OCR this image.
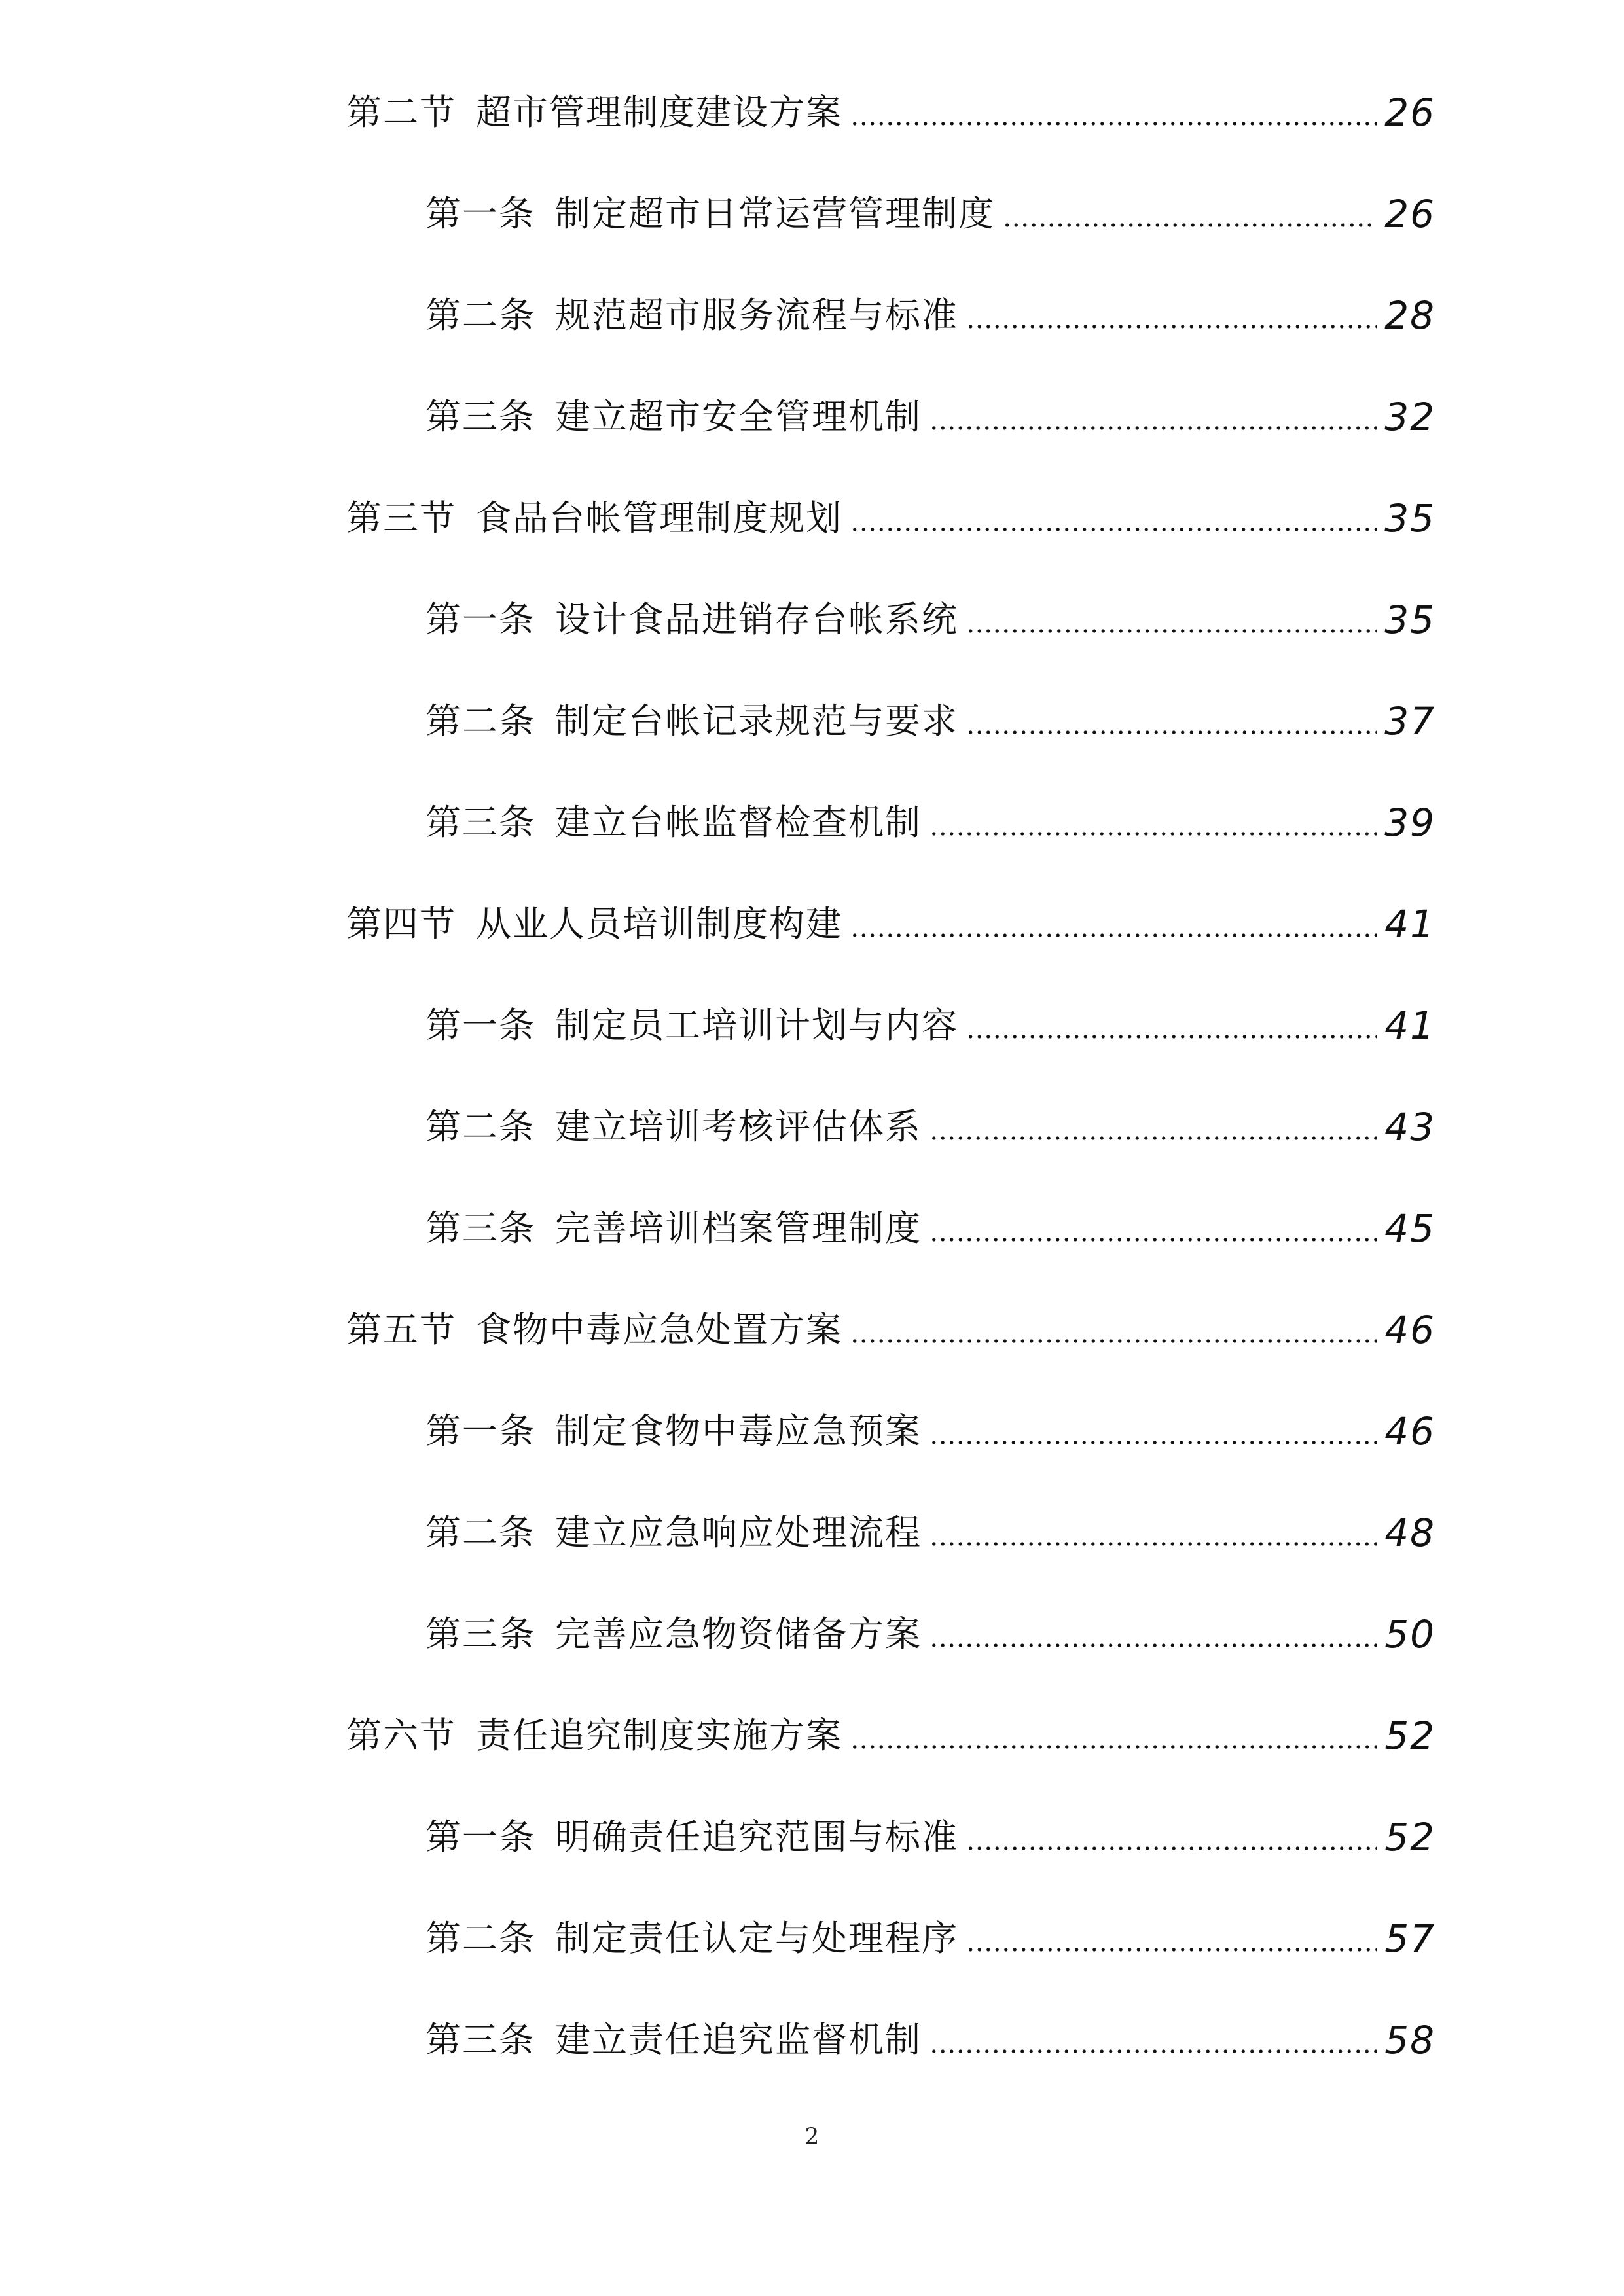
第二节 超市管理制度建设方案	26
第一条 制定超市日常运营管理制度	26
第二条 规范超市服务流程与标准	28
第三条 建立超市安全管理机制	32
第三节 食品台帐管理制度规划	35
第一条 设计食品进销存台帐系统	35
第二条 制定台帐记录规范与要求	37
第三条 建立台帐监督检查机制	39
第四节 从业人员培训制度构建	41
第一条 制定员工培训计划与内容	41
第二条 建立培训考核评估体系	43
第三条 完善培训档案管理制度	45
第五节 食物中毒应急处置方案	46
第一条 制定食物中毒应急预案	46
第二条 建立应急响应处理流程	48
第三条 完善应急物资储备方案	50
第六节 责任追究制度实施方案	52
第一条 明确责任追究范围与标准	52
第二条 制定责任认定与处理程序	57
第三条 建立责任追究监督机制	58
2
